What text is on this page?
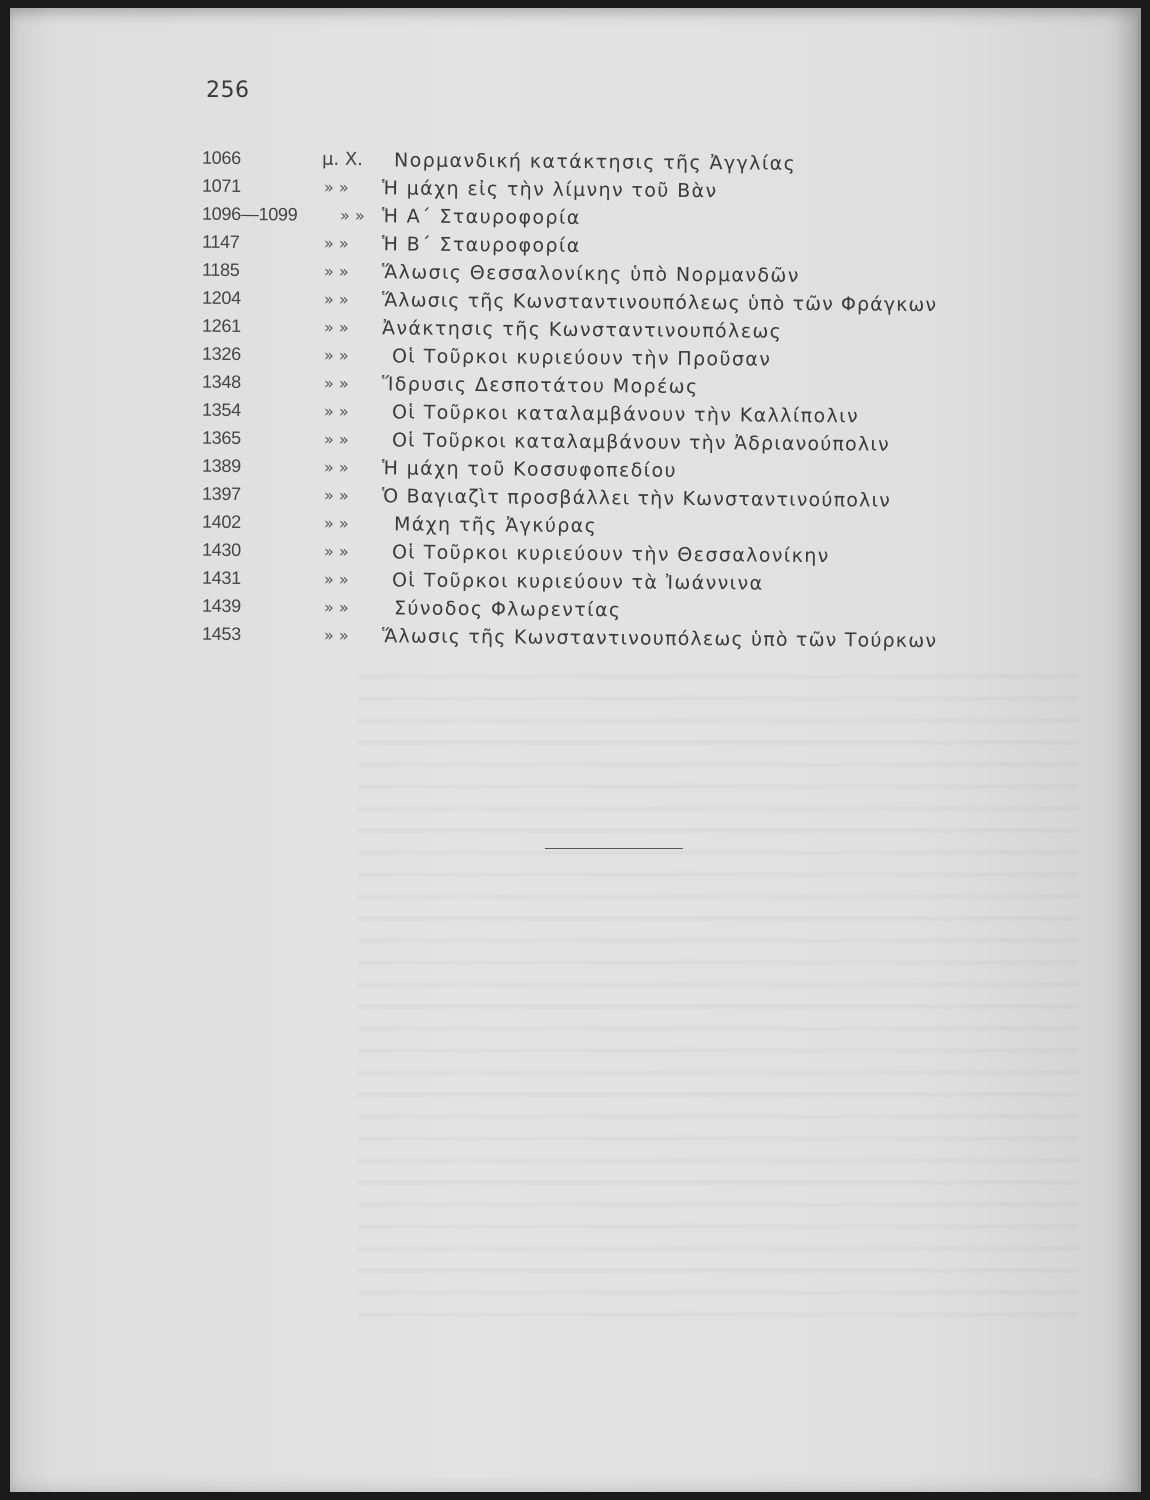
256
1066	μ. Χ. Νορμανδική κατάκτησις τῆς Ἀγγλίας
1071	» » Ἡ μάχη εἰς τὴν λίμνην τοῦ Βὰν
1096—1099	» » Ἡ Α΄ Σταυροφορία
1147	» » Ἡ Β΄ Σταυροφορία
1185	» » Ἅλωσις Θεσσαλονίκης ὑπὸ Νορμανδῶν
1204	» » Ἅλωσις τῆς Κωνσταντινουπόλεως ὑπὸ τῶν Φράγκων
1261	» » Ἀνάκτησις τῆς Κωνσταντινουπόλεως
1326	» » Οἱ Τοῦρκοι κυριεύουν τὴν Προῦσαν
1348	» » Ἵδρυσις Δεσποτάτου Μορέως
1354	» » Οἱ Τοῦρκοι καταλαμβάνουν τὴν Καλλίπολιν
1365	» » Οἱ Τοῦρκοι καταλαμβάνουν τὴν Ἀδριανούπολιν
1389	» » Ἡ μάχη τοῦ Κοσσυφοπεδίου
1397	» » Ὁ Βαγιαζὶτ προσβάλλει τὴν Κωνσταντινούπολιν
1402	» » Μάχη τῆς Ἀγκύρας
1430	» » Οἱ Τοῦρκοι κυριεύουν τὴν Θεσσαλονίκην
1431	» » Οἱ Τοῦρκοι κυριεύουν τὰ Ἰωάννινα
1439	» » Σύνοδος Φλωρεντίας
1453	» » Ἅλωσις τῆς Κωνσταντινουπόλεως ὑπὸ τῶν Τούρκων
